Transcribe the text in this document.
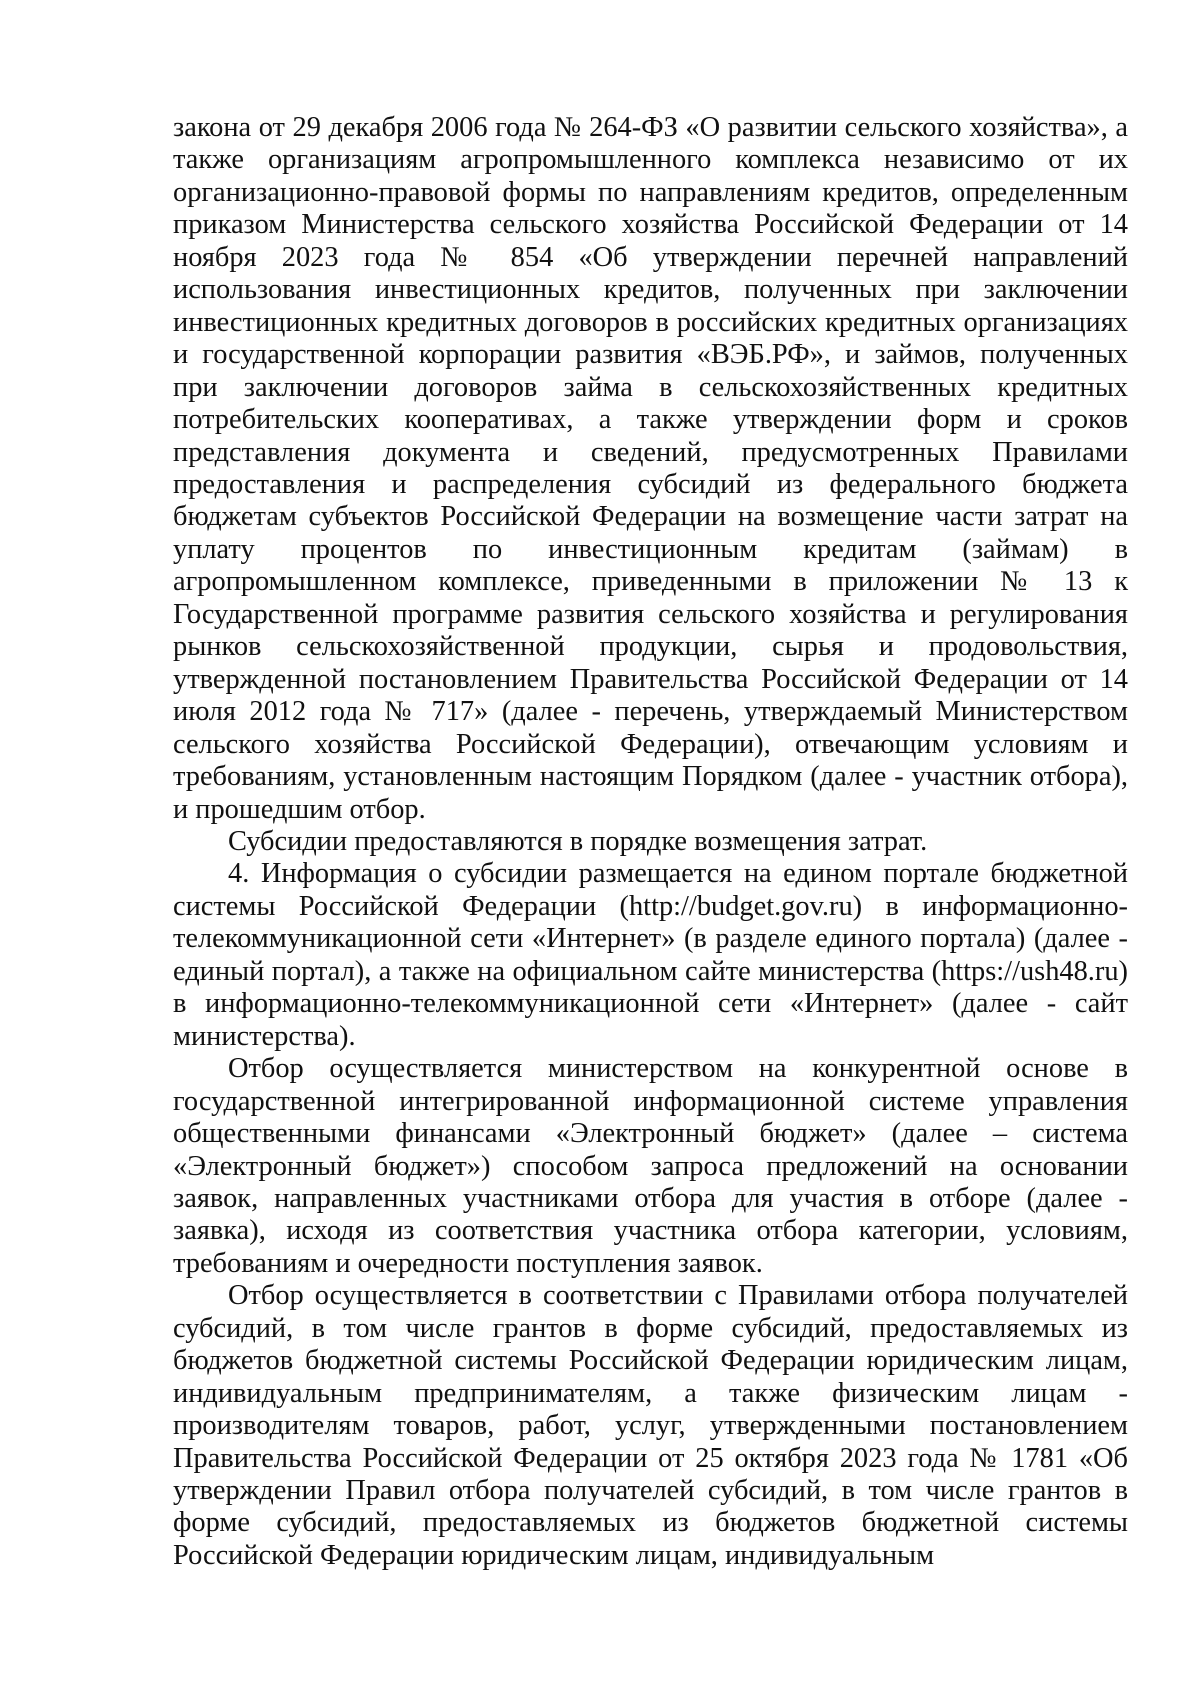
закона от 29 декабря 2006 года № 264-ФЗ «О развитии сельского хозяйства», а также организациям агропромышленного комплекса независимо от их организационно-правовой формы по направлениям кредитов, определенным приказом Министерства сельского хозяйства Российской Федерации от 14 ноября 2023 года № 854 «Об утверждении перечней направлений использования инвестиционных кредитов, полученных при заключении инвестиционных кредитных договоров в российских кредитных организациях и государственной корпорации развития «ВЭБ.РФ», и займов, полученных при заключении договоров займа в сельскохозяйственных кредитных потребительских кооперативах, а также утверждении форм и сроков представления документа и сведений, предусмотренных Правилами предоставления и распределения субсидий из федерального бюджета бюджетам субъектов Российской Федерации на возмещение части затрат на уплату процентов по инвестиционным кредитам (займам) в агропромышленном комплексе, приведенными в приложении № 13 к Государственной программе развития сельского хозяйства и регулирования рынков сельскохозяйственной продукции, сырья и продовольствия, утвержденной постановлением Правительства Российской Федерации от 14 июля 2012 года № 717» (далее - перечень, утверждаемый Министерством сельского хозяйства Российской Федерации), отвечающим условиям и требованиям, установленным настоящим Порядком (далее - участник отбора), и прошедшим отбор.

Субсидии предоставляются в порядке возмещения затрат.

4. Информация о субсидии размещается на едином портале бюджетной системы Российской Федерации (http://budget.gov.ru) в информационно-телекоммуникационной сети «Интернет» (в разделе единого портала) (далее - единый портал), а также на официальном сайте министерства (https://ush48.ru) в информационно-телекоммуникационной сети «Интернет» (далее - сайт министерства).

Отбор осуществляется министерством на конкурентной основе в государственной интегрированной информационной системе управления общественными финансами «Электронный бюджет» (далее – система «Электронный бюджет») способом запроса предложений на основании заявок, направленных участниками отбора для участия в отборе (далее - заявка), исходя из соответствия участника отбора категории, условиям, требованиям и очередности поступления заявок.

Отбор осуществляется в соответствии с Правилами отбора получателей субсидий, в том числе грантов в форме субсидий, предоставляемых из бюджетов бюджетной системы Российской Федерации юридическим лицам, индивидуальным предпринимателям, а также физическим лицам - производителям товаров, работ, услуг, утвержденными постановлением Правительства Российской Федерации от 25 октября 2023 года № 1781 «Об утверждении Правил отбора получателей субсидий, в том числе грантов в форме субсидий, предоставляемых из бюджетов бюджетной системы Российской Федерации юридическим лицам, индивидуальным
